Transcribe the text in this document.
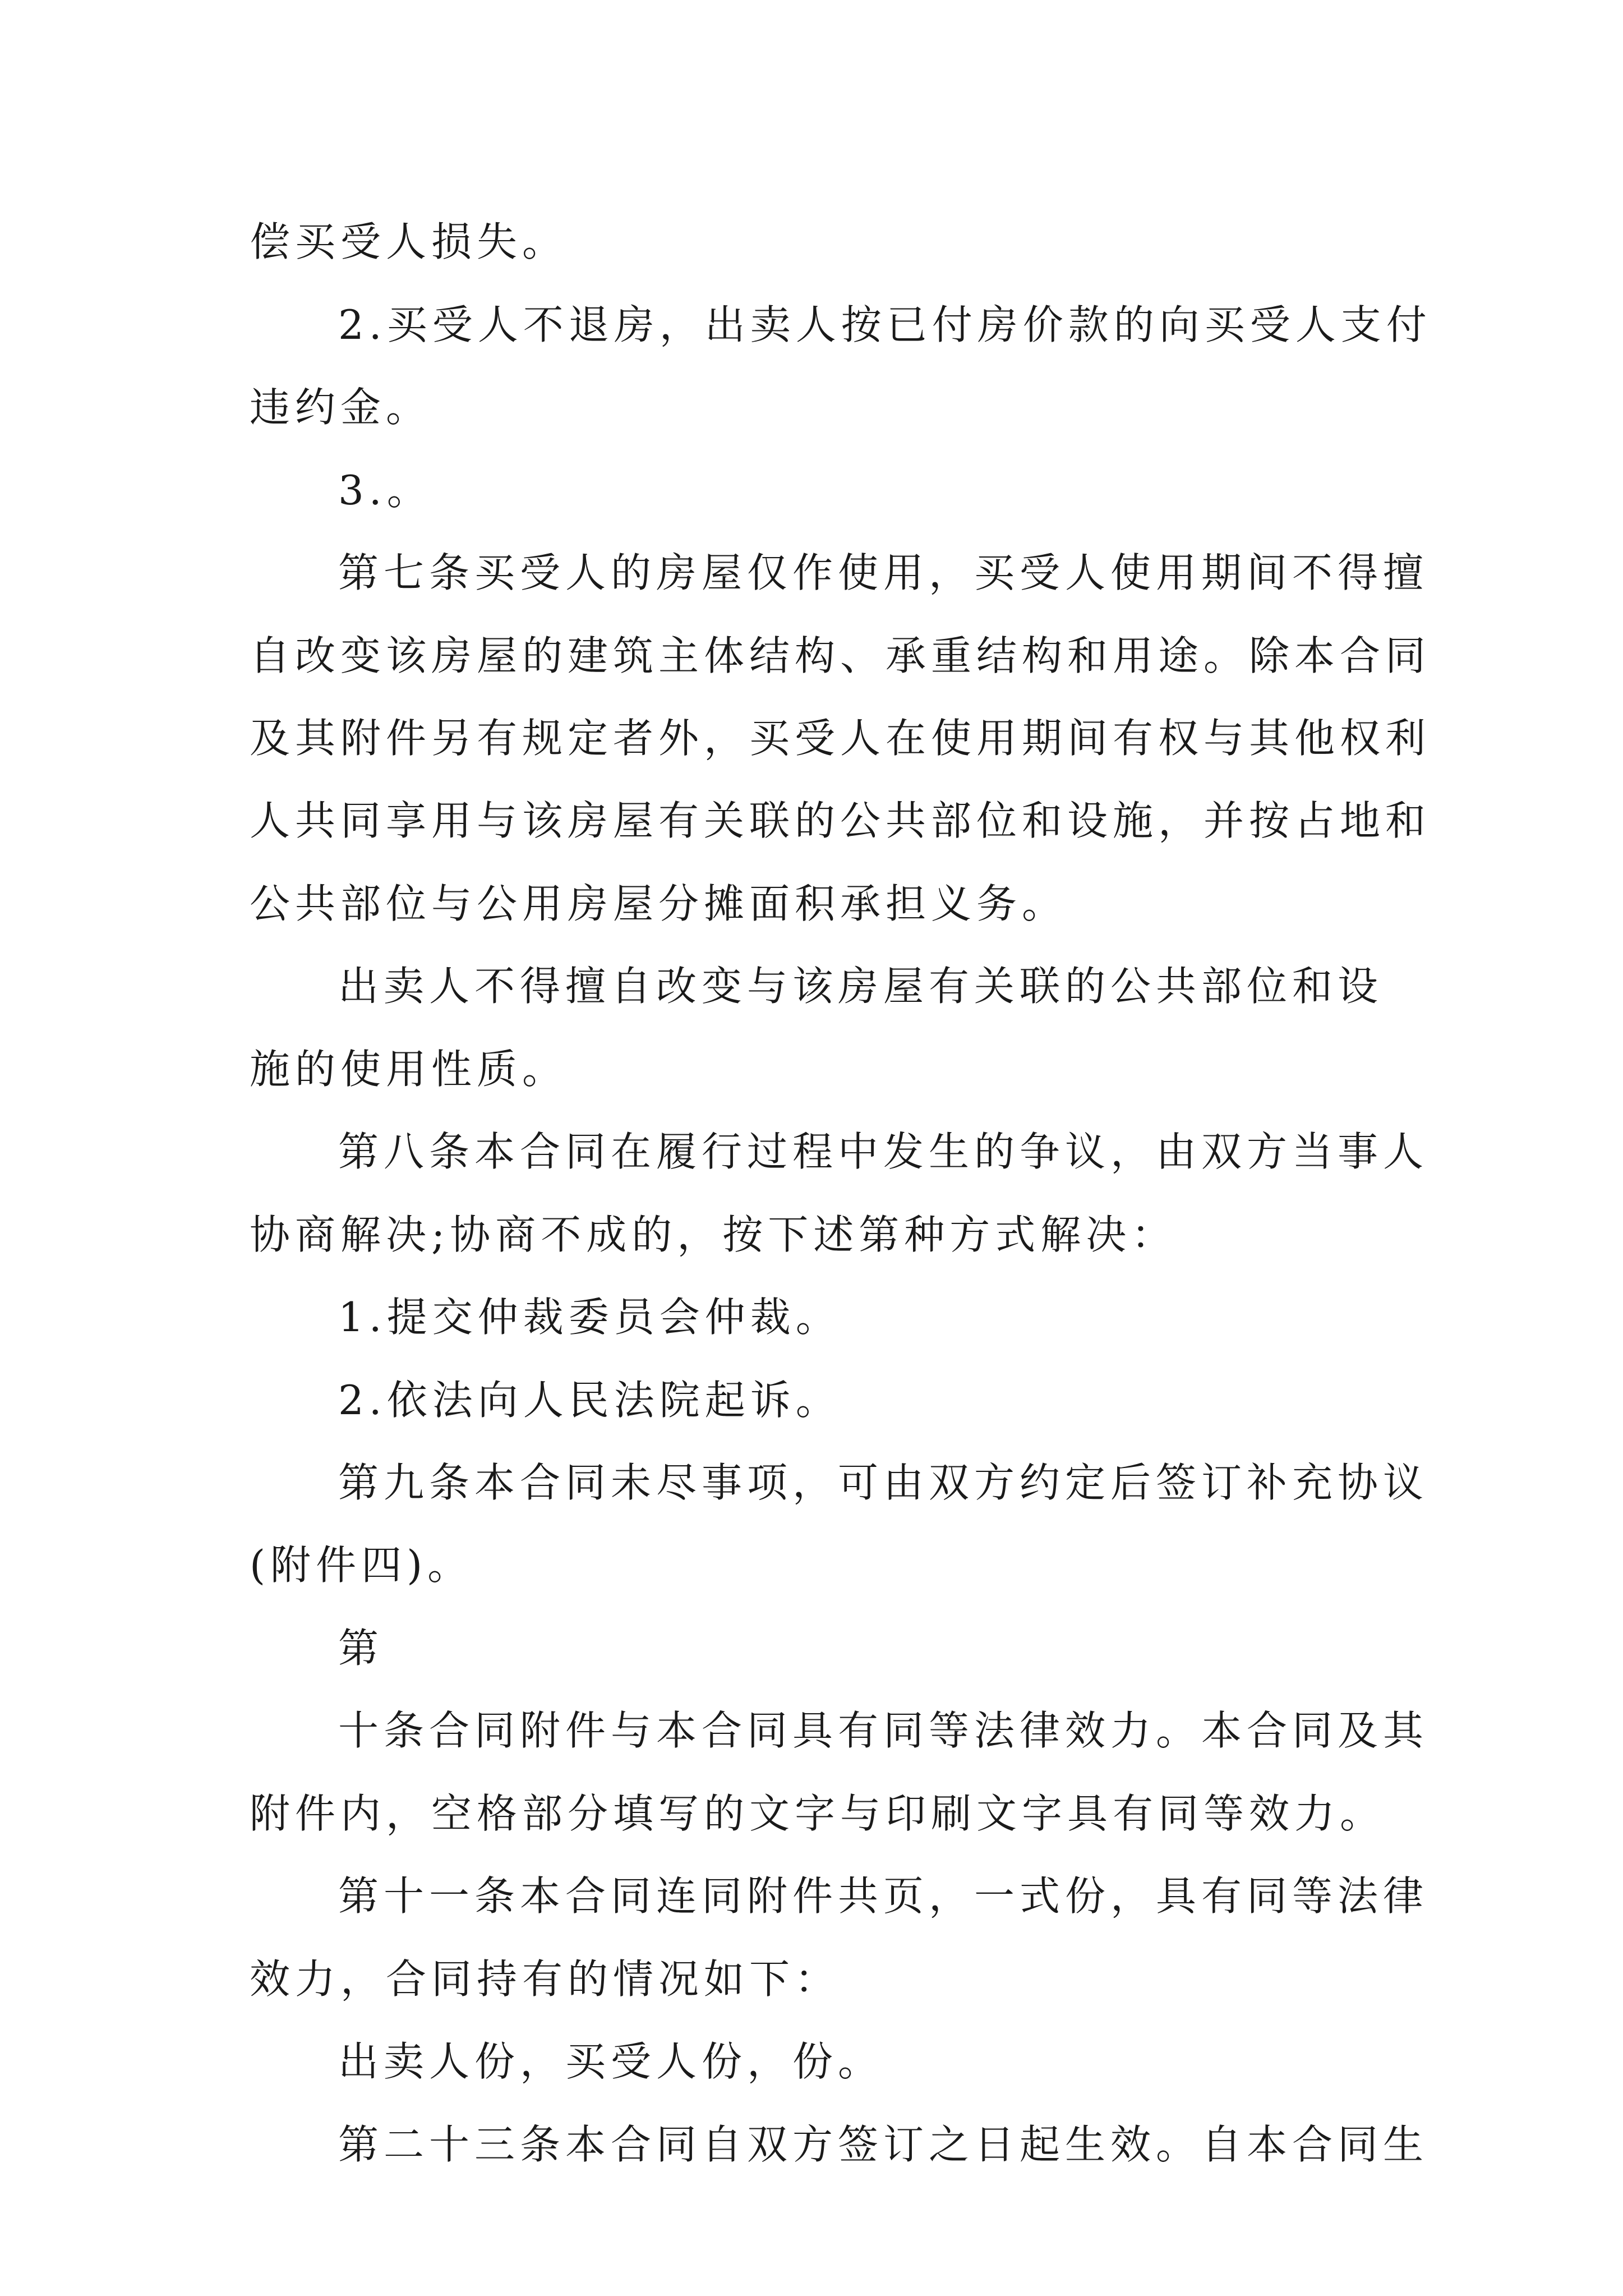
偿买受人损失。
2.买受人不退房，出卖人按已付房价款的向买受人支付
违约金。
3.。
第七条买受人的房屋仅作使用，买受人使用期间不得擅
自改变该房屋的建筑主体结构、承重结构和用途。除本合同
及其附件另有规定者外，买受人在使用期间有权与其他权利
人共同享用与该房屋有关联的公共部位和设施，并按占地和
公共部位与公用房屋分摊面积承担义务。
出卖人不得擅自改变与该房屋有关联的公共部位和设
施的使用性质。
第八条本合同在履行过程中发生的争议，由双方当事人
协商解决;协商不成的，按下述第种方式解决：
1.提交仲裁委员会仲裁。
2.依法向人民法院起诉。
第九条本合同未尽事项，可由双方约定后签订补充协议
(附件四)。
第
十条合同附件与本合同具有同等法律效力。本合同及其
附件内，空格部分填写的文字与印刷文字具有同等效力。
第十一条本合同连同附件共页，一式份，具有同等法律
效力，合同持有的情况如下：
出卖人份，买受人份，份。
第二十三条本合同自双方签订之日起生效。自本合同生
